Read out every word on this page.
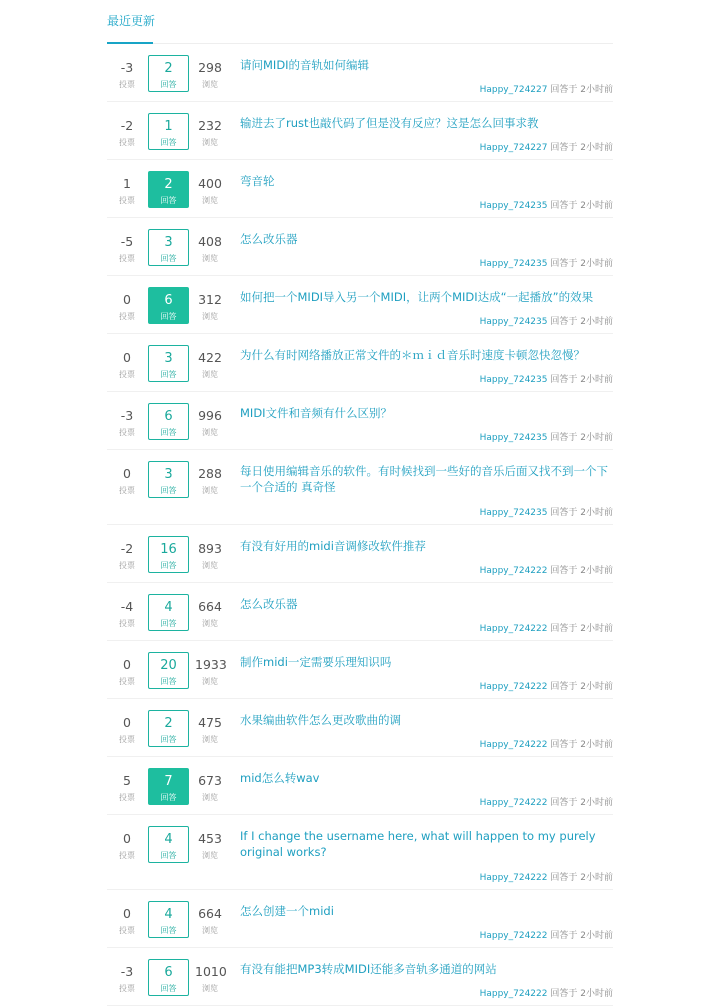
最近更新
-3
投票
2
回答
298
浏览
请问MIDI的音轨如何编辑
Happy_724227 回答于 2小时前
-2
投票
1
回答
232
浏览
输进去了rust也敲代码了但是没有反应？这是怎么回事求教
Happy_724227 回答于 2小时前
1
投票
2
回答
400
浏览
弯音轮
Happy_724235 回答于 2小时前
-5
投票
3
回答
408
浏览
怎么改乐器
Happy_724235 回答于 2小时前
0
投票
6
回答
312
浏览
如何把一个MIDI导入另一个MIDI，让两个MIDI达成“一起播放”的效果
Happy_724235 回答于 2小时前
0
投票
3
回答
422
浏览
为什么有时网络播放正常文件的＊ｍｉｄ音乐时速度卡顿忽快忽慢？
Happy_724235 回答于 2小时前
-3
投票
6
回答
996
浏览
MIDI文件和音频有什么区别？
Happy_724235 回答于 2小时前
0
投票
3
回答
288
浏览
每日使用编辑音乐的软件。有时候找到一些好的音乐后面又找不到一个下一个合适的 真奇怪
Happy_724235 回答于 2小时前
-2
投票
16
回答
893
浏览
有没有好用的midi音调修改软件推荐
Happy_724222 回答于 2小时前
-4
投票
4
回答
664
浏览
怎么改乐器
Happy_724222 回答于 2小时前
0
投票
20
回答
1933
浏览
制作midi一定需要乐理知识吗
Happy_724222 回答于 2小时前
0
投票
2
回答
475
浏览
水果编曲软件怎么更改歌曲的调
Happy_724222 回答于 2小时前
5
投票
7
回答
673
浏览
mid怎么转wav
Happy_724222 回答于 2小时前
0
投票
4
回答
453
浏览
If I change the username here, what will happen to my purely original works?
Happy_724222 回答于 2小时前
0
投票
4
回答
664
浏览
怎么创建一个midi
Happy_724222 回答于 2小时前
-3
投票
6
回答
1010
浏览
有没有能把MP3转成MIDI还能多音轨多通道的网站
Happy_724222 回答于 2小时前
